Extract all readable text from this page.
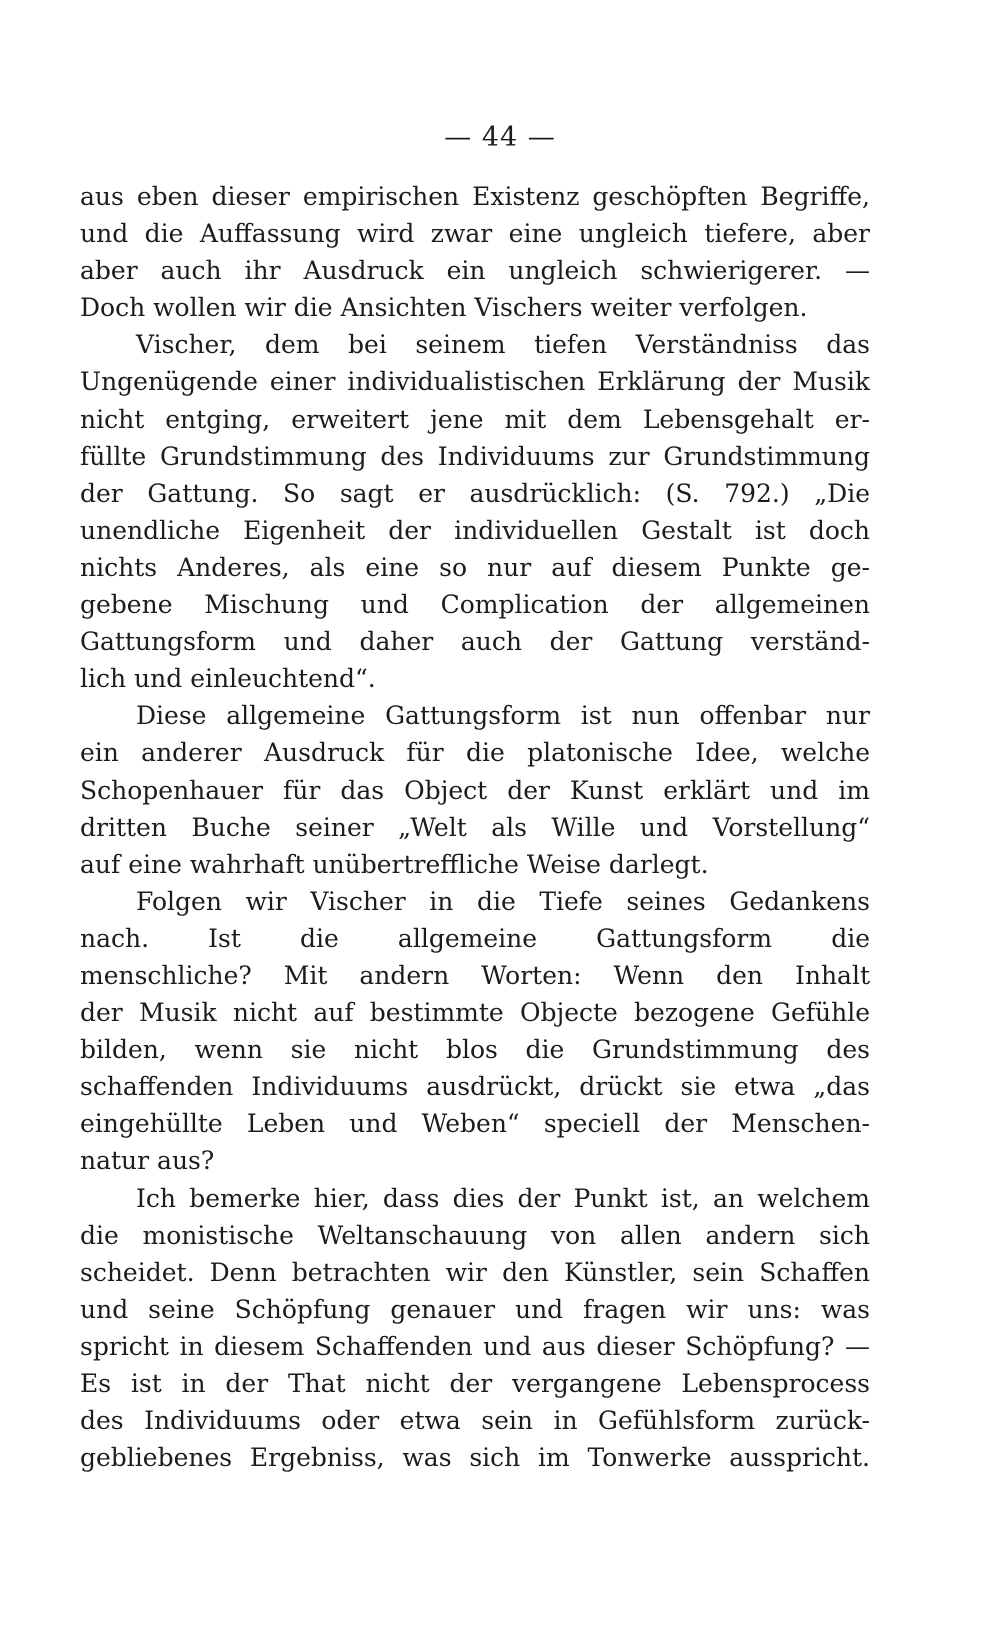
— 44 —
aus eben dieser empirischen Existenz geschöpften Begriffe,
und die Auffassung wird zwar eine ungleich tiefere, aber
aber auch ihr Ausdruck ein ungleich schwierigerer. —
Doch wollen wir die Ansichten Vischers weiter verfolgen.
Vischer, dem bei seinem tiefen Verständniss das
Ungenügende einer individualistischen Erklärung der Musik
nicht entging, erweitert jene mit dem Lebensgehalt er-
füllte Grundstimmung des Individuums zur Grundstimmung
der Gattung. So sagt er ausdrücklich: (S. 792.) „Die
unendliche Eigenheit der individuellen Gestalt ist doch
nichts Anderes, als eine so nur auf diesem Punkte ge-
gebene Mischung und Complication der allgemeinen
Gattungsform und daher auch der Gattung verständ-
lich und einleuchtend“.
Diese allgemeine Gattungsform ist nun offenbar nur
ein anderer Ausdruck für die platonische Idee, welche
Schopenhauer für das Object der Kunst erklärt und im
dritten Buche seiner „Welt als Wille und Vorstellung“
auf eine wahrhaft unübertreffliche Weise darlegt.
Folgen wir Vischer in die Tiefe seines Gedankens
nach. Ist die allgemeine Gattungsform die
menschliche? Mit andern Worten: Wenn den Inhalt
der Musik nicht auf bestimmte Objecte bezogene Gefühle
bilden, wenn sie nicht blos die Grundstimmung des
schaffenden Individuums ausdrückt, drückt sie etwa „das
eingehüllte Leben und Weben“ speciell der Menschen-
natur aus?
Ich bemerke hier, dass dies der Punkt ist, an welchem
die monistische Weltanschauung von allen andern sich
scheidet. Denn betrachten wir den Künstler, sein Schaffen
und seine Schöpfung genauer und fragen wir uns: was
spricht in diesem Schaffenden und aus dieser Schöpfung? —
Es ist in der That nicht der vergangene Lebensprocess
des Individuums oder etwa sein in Gefühlsform zurück-
gebliebenes Ergebniss, was sich im Tonwerke ausspricht.
